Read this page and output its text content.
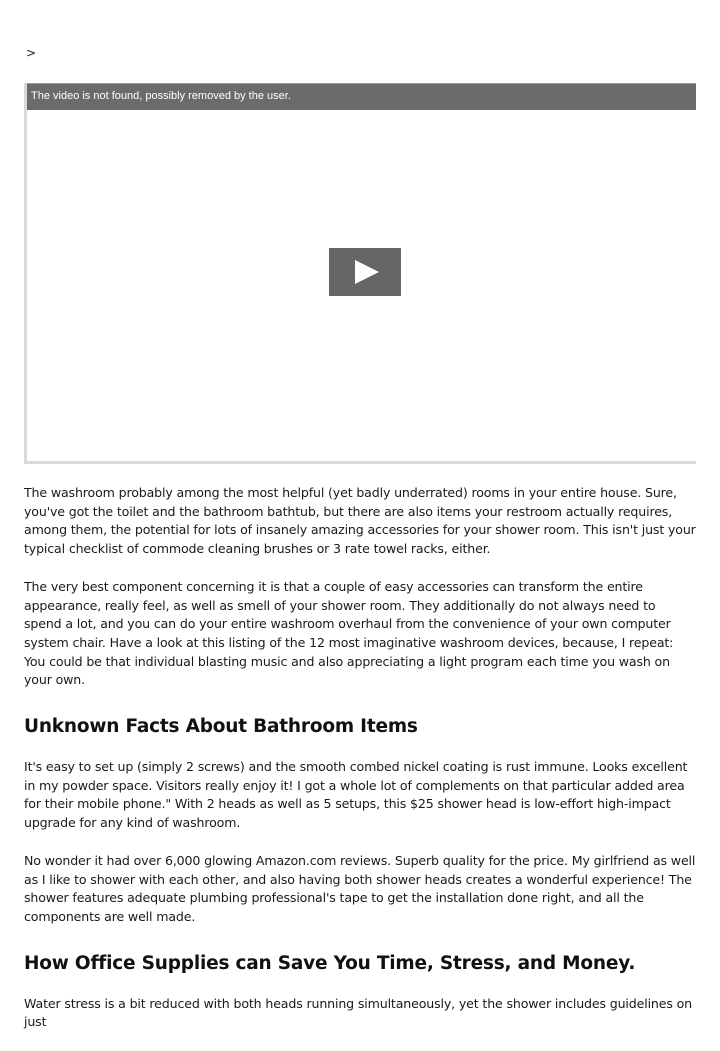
>
The video is not found, possibly removed by the user.

The washroom probably among the most helpful (yet badly underrated) rooms in your entire house. Sure, you've got the toilet and the bathroom bathtub, but there are also items your restroom actually requires, among them, the potential for lots of insanely amazing accessories for your shower room. This isn't just your typical checklist of commode cleaning brushes or 3 rate towel racks, either.

The very best component concerning it is that a couple of easy accessories can transform the entire appearance, really feel, as well as smell of your shower room. They additionally do not always need to spend a lot, and you can do your entire washroom overhaul from the convenience of your own computer system chair. Have a look at this listing of the 12 most imaginative washroom devices, because, I repeat: You could be that individual blasting music and also appreciating a light program each time you wash on your own.

Unknown Facts About Bathroom Items

It's easy to set up (simply 2 screws) and the smooth combed nickel coating is rust immune. Looks excellent in my powder space. Visitors really enjoy it! I got a whole lot of complements on that particular added area for their mobile phone." With 2 heads as well as 5 setups, this $25 shower head is low-effort high-impact upgrade for any kind of washroom.

No wonder it had over 6,000 glowing Amazon.com reviews. Superb quality for the price. My girlfriend as well as I like to shower with each other, and also having both shower heads creates a wonderful experience! The shower features adequate plumbing professional's tape to get the installation done right, and all the components are well made.

How Office Supplies can Save You Time, Stress, and Money.

Water stress is a bit reduced with both heads running simultaneously, yet the shower includes guidelines on just
